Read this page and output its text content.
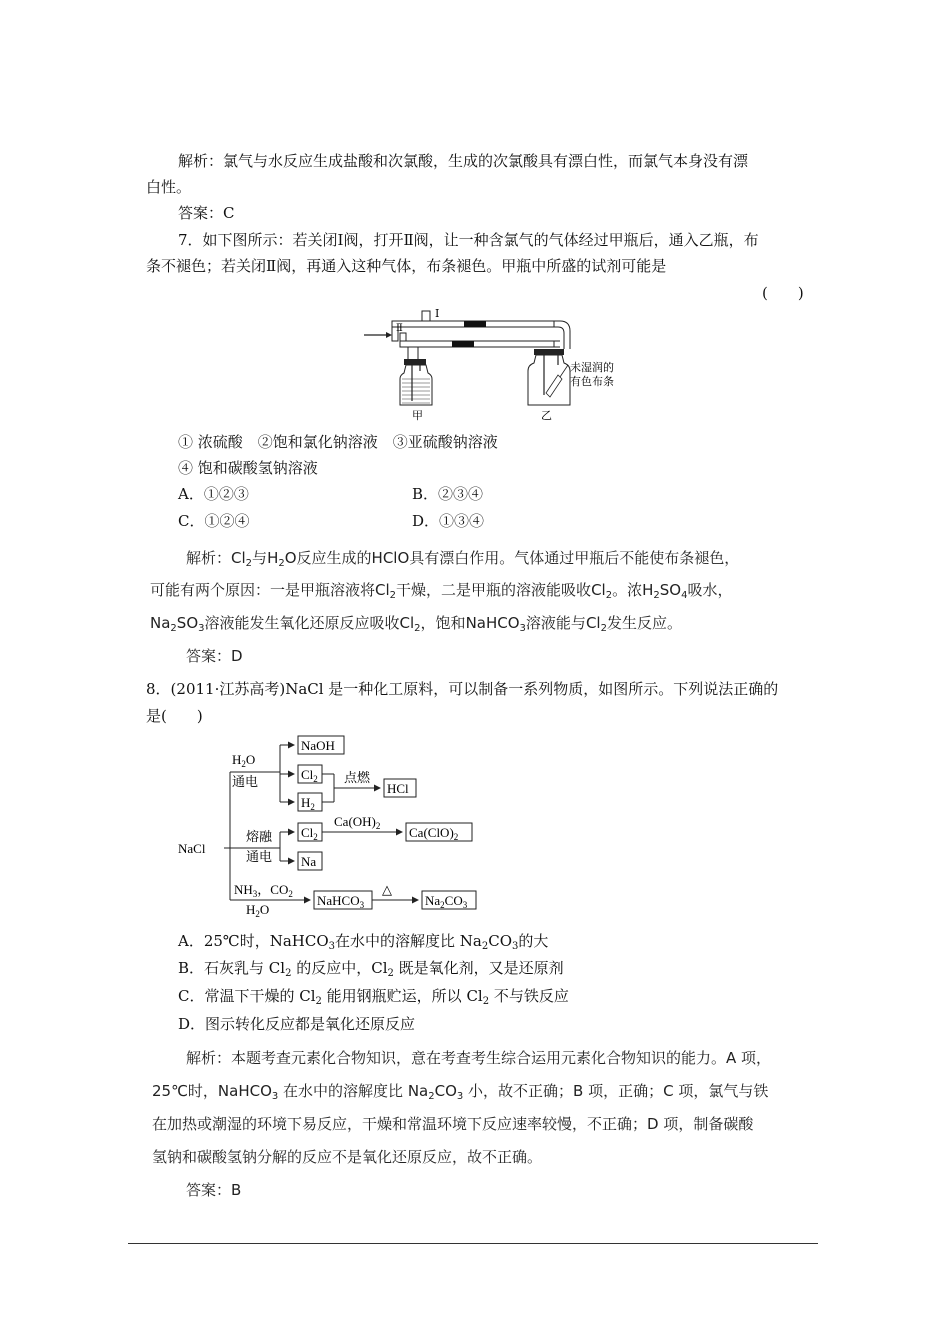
解析：氯气与水反应生成盐酸和次氯酸，生成的次氯酸具有漂白性，而氯气本身没有漂
白性。
答案：C
7．如下图所示：若关闭Ⅰ阀，打开Ⅱ阀，让一种含氯气的气体经过甲瓶后，通入乙瓶，布
条不褪色；若关闭Ⅱ阀，再通入这种气体，布条褪色。甲瓶中所盛的试剂可能是
(　　)
Ⅰ
Ⅱ
甲	乙
未湿润的
有色布条
① 浓硫酸　②饱和氯化钠溶液　③亚硫酸钠溶液
④ 饱和碳酸氢钠溶液
A．①②③	B．②③④
C．①②④	D．①③④
解析：$Cl_2$与$H_2O$反应生成的HClO具有漂白作用。气体通过甲瓶后不能使布条褪色，
可能有两个原因：一是甲瓶溶液将$Cl_2$干燥，二是甲瓶的溶液能吸收$Cl_2$。浓$H_2SO_4$吸水，
$Na_2SO_3$溶液能发生氧化还原反应吸收$Cl_2$，饱和NaHCO$_3$溶液能与$Cl_2$发生反应。
答案：D
8．(2011·江苏高考)NaCl 是一种化工原料，可以制备一系列物质，如图所示。下列说法正确的
是(　　)
NaCl
$H_2O$
通电
NaOH
$Cl_2$
$H_2$
点燃
HCl
熔融
通电
$Cl_2$
Na
$Ca(OH)_2$ $Ca(ClO)_2$
$NH_3$，$CO_2$
$H_2O$
NaHCO$_3$
△
$Na_2CO_3$
A．25℃时，NaHCO$_3$在水中的溶解度比 $Na_2CO_3$的大
B．石灰乳与 $Cl_2$ 的反应中，$Cl_2$ 既是氧化剂，又是还原剂
C．常温下干燥的 $Cl_2$ 能用钢瓶贮运，所以 $Cl_2$ 不与铁反应
D．图示转化反应都是氧化还原反应
解析：本题考查元素化合物知识，意在考查考生综合运用元素化合物知识的能力。A 项，
25℃时，NaHCO$_3$ 在水中的溶解度比 $Na_2CO_3$ 小，故不正确；B 项，正确；C 项，氯气与铁
在加热或潮湿的环境下易反应，干燥和常温环境下反应速率较慢，不正确；D 项，制备碳酸
氢钠和碳酸氢钠分解的反应不是氧化还原反应，故不正确。
答案：B
